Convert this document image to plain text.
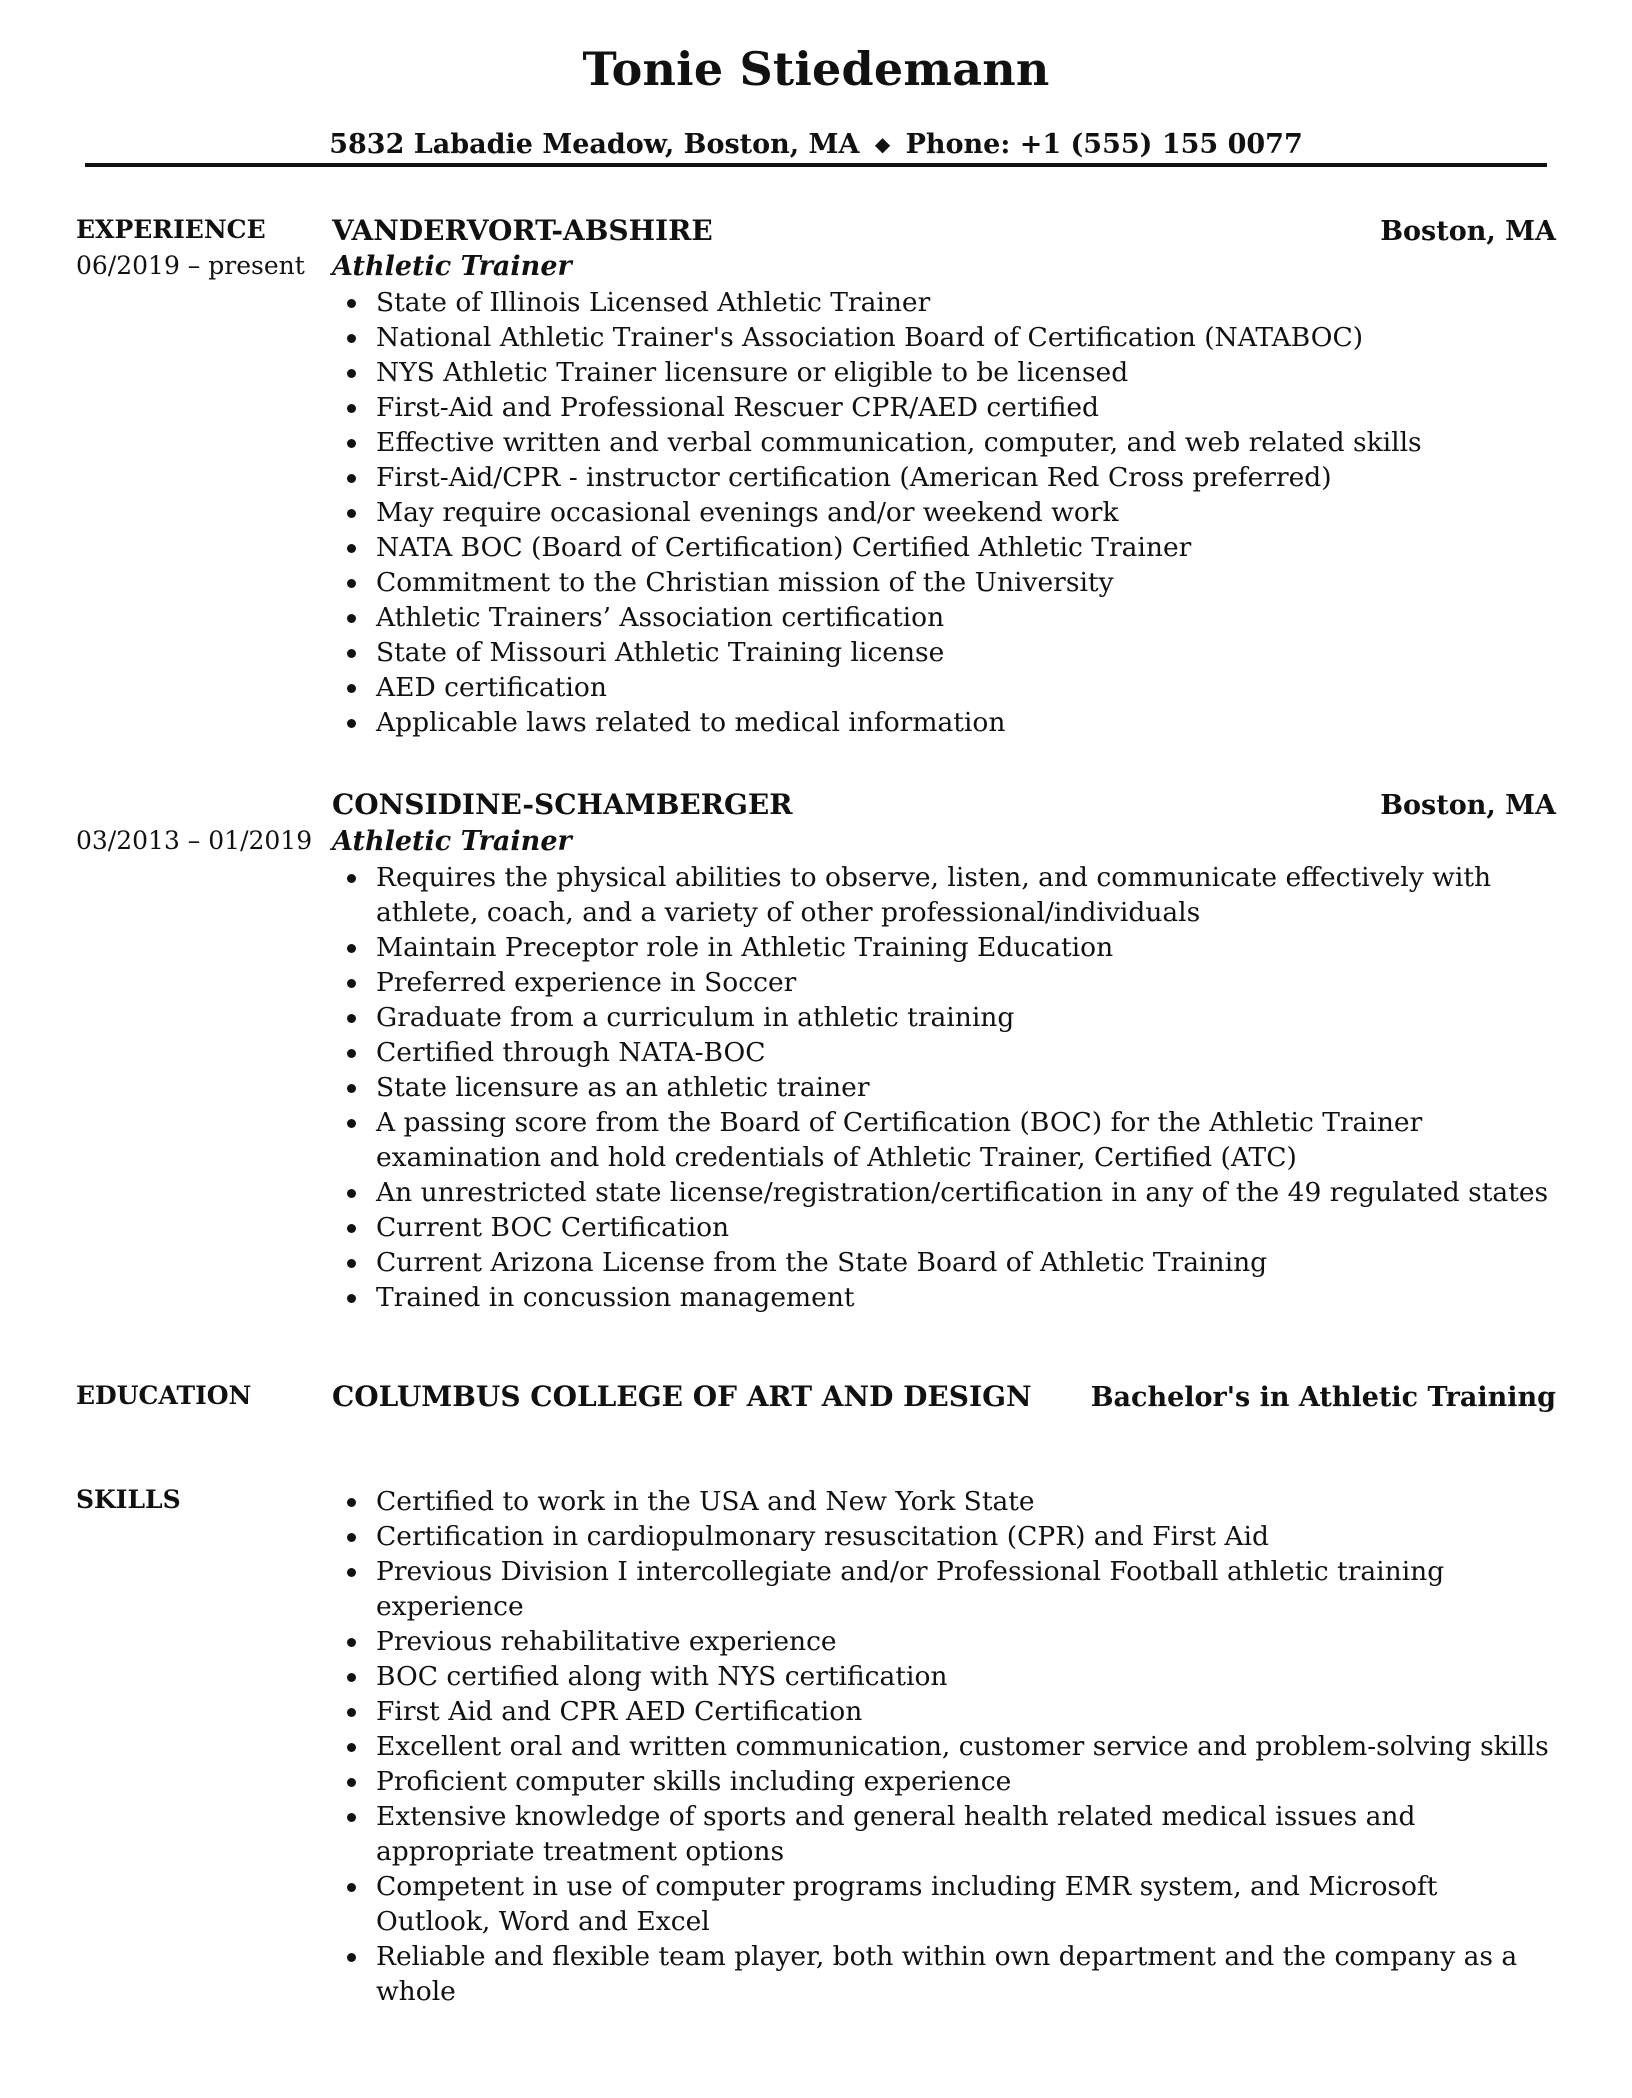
Tonie Stiedemann
5832 Labadie Meadow, Boston, MA ◆ Phone: +1 (555) 155 0077
EXPERIENCE
06/2019 – present
VANDERVORT-ABSHIRE	Boston, MA
Athletic Trainer
State of Illinois Licensed Athletic Trainer
National Athletic Trainer's Association Board of Certification (NATABOC)
NYS Athletic Trainer licensure or eligible to be licensed
First-Aid and Professional Rescuer CPR/AED certified
Effective written and verbal communication, computer, and web related skills
First-Aid/CPR - instructor certification (American Red Cross preferred)
May require occasional evenings and/or weekend work
NATA BOC (Board of Certification) Certified Athletic Trainer
Commitment to the Christian mission of the University
Athletic Trainers’ Association certification
State of Missouri Athletic Training license
AED certification
Applicable laws related to medical information
03/2013 – 01/2019
CONSIDINE-SCHAMBERGER	Boston, MA
Athletic Trainer
Requires the physical abilities to observe, listen, and communicate effectively with athlete, coach, and a variety of other professional/individuals
Maintain Preceptor role in Athletic Training Education
Preferred experience in Soccer
Graduate from a curriculum in athletic training
Certified through NATA-BOC
State licensure as an athletic trainer
A passing score from the Board of Certification (BOC) for the Athletic Trainer examination and hold credentials of Athletic Trainer, Certified (ATC)
An unrestricted state license/registration/certification in any of the 49 regulated states
Current BOC Certification
Current Arizona License from the State Board of Athletic Training
Trained in concussion management
EDUCATION	COLUMBUS COLLEGE OF ART AND DESIGN Bachelor's in Athletic Training
SKILLS	Certified to work in the USA and New York State
Certification in cardiopulmonary resuscitation (CPR) and First Aid
Previous Division I intercollegiate and/or Professional Football athletic training experience
Previous rehabilitative experience
BOC certified along with NYS certification
First Aid and CPR AED Certification
Excellent oral and written communication, customer service and problem-solving skills
Proficient computer skills including experience
Extensive knowledge of sports and general health related medical issues and appropriate treatment options
Competent in use of computer programs including EMR system, and Microsoft Outlook, Word and Excel
Reliable and flexible team player, both within own department and the company as a whole
